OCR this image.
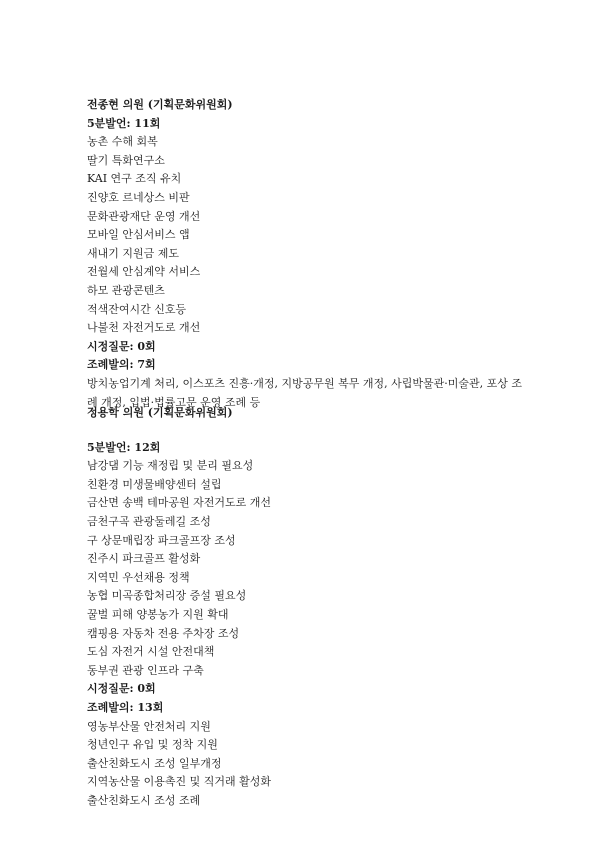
전종현 의원 (기획문화위원회)
5분발언: 11회
농촌 수해 회복
딸기 특화연구소
KAI 연구 조직 유치
진양호 르네상스 비판
문화관광재단 운영 개선
모바일 안심서비스 앱
새내기 지원금 제도
전월세 안심계약 서비스
하모 관광콘텐츠
적색잔여시간 신호등
나불천 자전거도로 개선
시정질문: 0회
조례발의: 7회
방치농업기계 처리, 이스포츠 진흥·개정, 지방공무원 복무 개정, 사립박물관·미술관, 포상 조례 개정, 입법·법률고문 운영 조례 등
정용학 의원 (기획문화위원회)
5분발언: 12회
남강댐 기능 재정립 및 분리 필요성
친환경 미생물배양센터 설립
금산면 송백 테마공원 자전거도로 개선
금천구곡 관광둘레길 조성
구 상문매립장 파크골프장 조성
진주시 파크골프 활성화
지역민 우선채용 정책
농협 미곡종합처리장 증설 필요성
꿀벌 피해 양봉농가 지원 확대
캠핑용 자동차 전용 주차장 조성
도심 자전거 시설 안전대책
동부권 관광 인프라 구축
시정질문: 0회
조례발의: 13회
영농부산물 안전처리 지원
청년인구 유입 및 정착 지원
출산친화도시 조성 일부개정
지역농산물 이용촉진 및 직거래 활성화
출산친화도시 조성 조례
